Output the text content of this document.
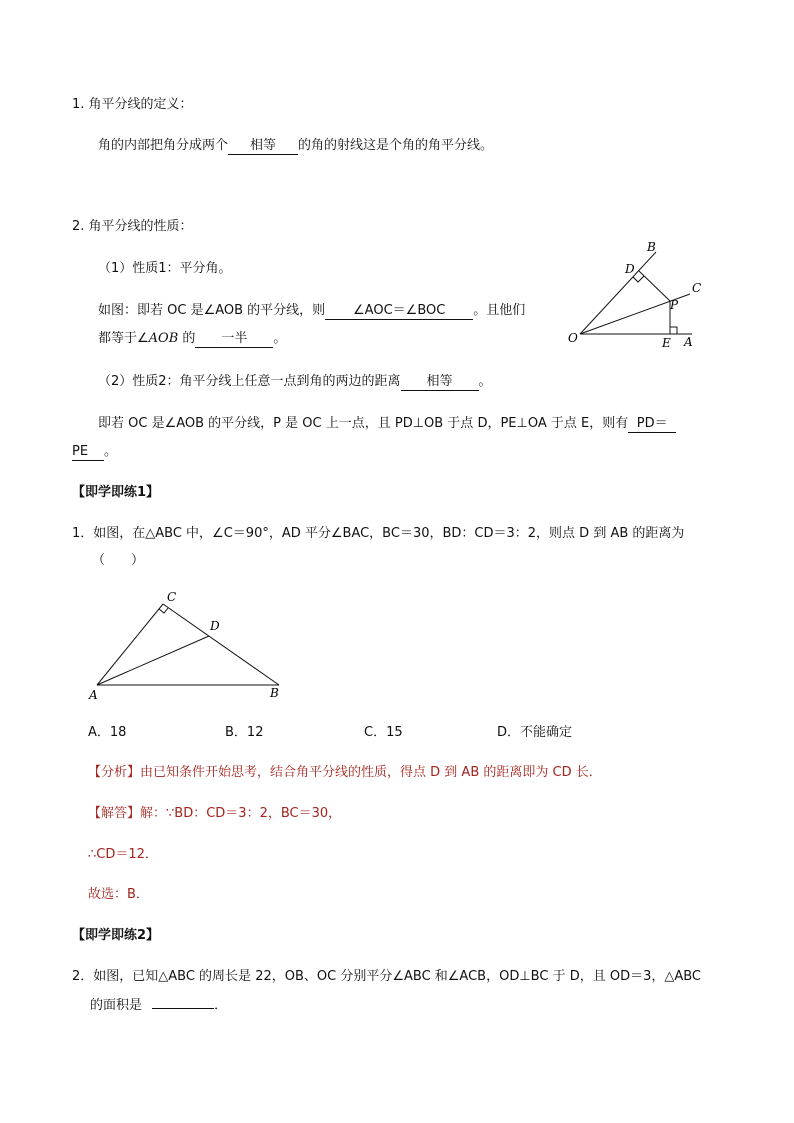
1. 角平分线的定义：
角的内部把角分成两个 相等 的角的射线这是个角的角平分线。
2. 角平分线的性质：
（1）性质1：平分角。
如图：即若 OC 是∠AOB 的平分线，则 ∠AOC＝∠BOC 。且他们
都等于∠AOB 的 一半 。
（2）性质2：角平分线上任意一点到角的两边的距离 相等 。
即若 OC 是∠AOB 的平分线，P 是 OC 上一点，且 PD⊥OB 于点 D，PE⊥OA 于点 E，则有 PD＝
PE 。
B
D
C
P
O	E A
【即学即练1】
1．如图，在△ABC 中，∠C＝90°，AD 平分∠BAC，BC＝30，BD：CD＝3：2，则点 D 到 AB 的距离为
（　　）
C
D
A	B
A．18	B．12	C．15	D．不能确定
【分析】由已知条件开始思考，结合角平分线的性质，得点 D 到 AB 的距离即为 CD 长．
【解答】解：∵BD：CD＝3：2，BC＝30，
∴CD＝12．
故选：B．
【即学即练2】
2．如图，已知△ABC 的周长是 22，OB、OC 分别平分∠ABC 和∠ACB，OD⊥BC 于 D，且 OD＝3，△ABC
的面积是	．
